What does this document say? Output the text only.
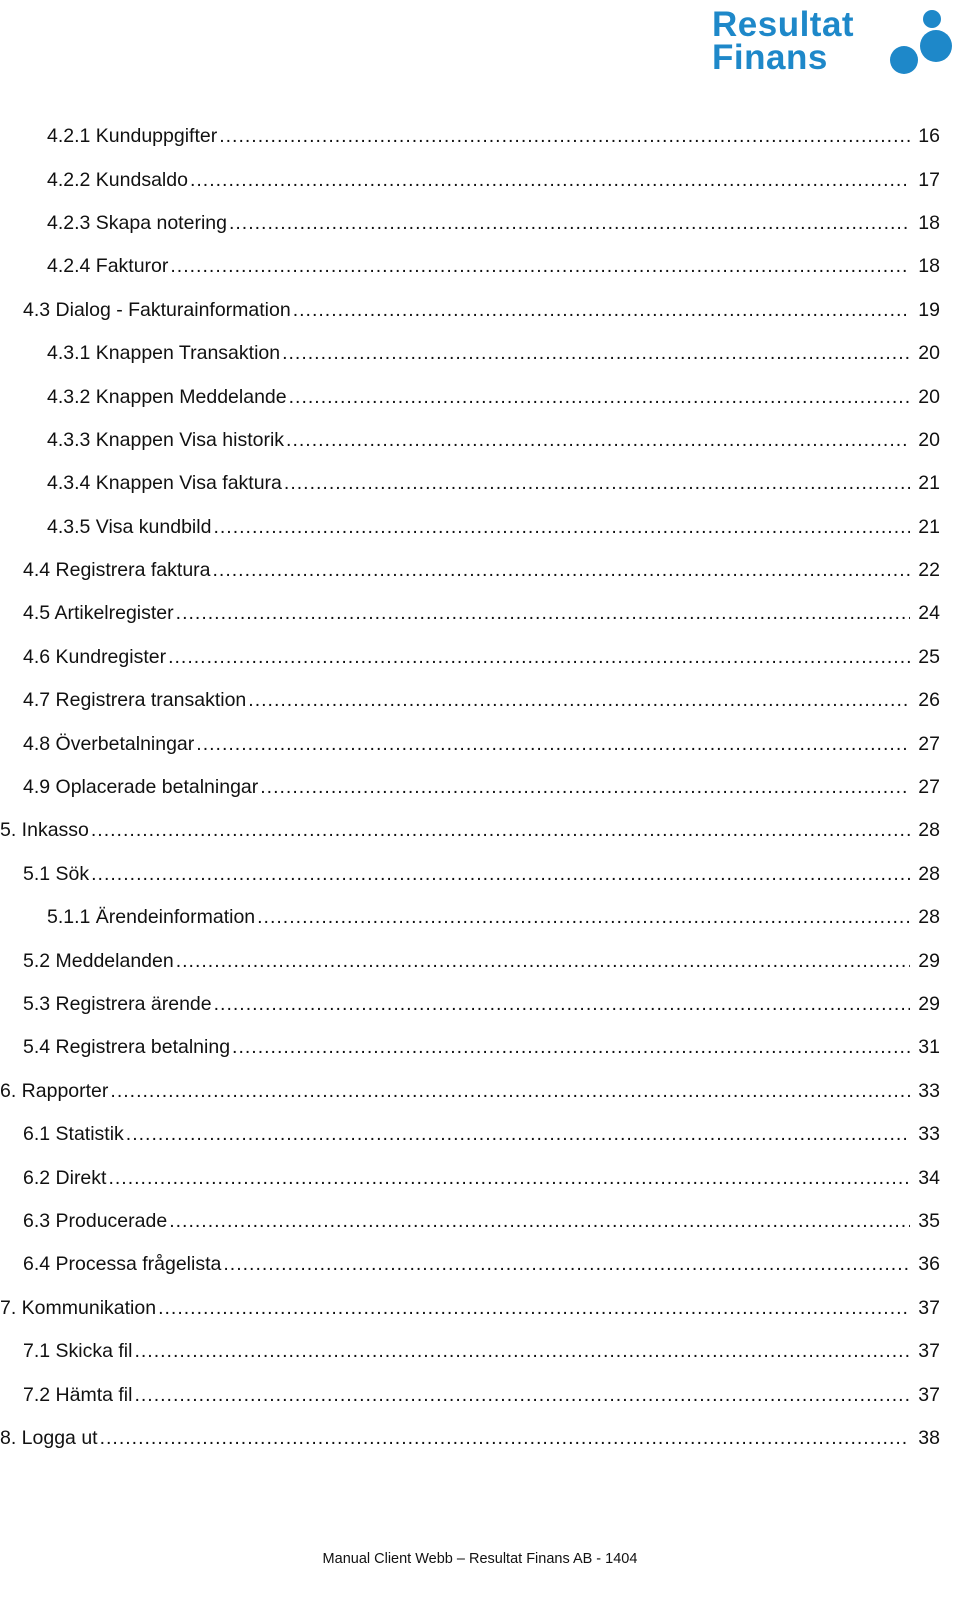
Resultat
Finans
4.2.1 Kunduppgifter .....	16
4.2.2 Kundsaldo .....	17
4.2.3 Skapa notering .....	18
4.2.4 Fakturor .....	18
4.3 Dialog - Fakturainformation .....	19
4.3.1 Knappen Transaktion .....	20
4.3.2 Knappen Meddelande .....	20
4.3.3 Knappen Visa historik .....	20
4.3.4 Knappen Visa faktura .....	21
4.3.5 Visa kundbild .....	21
4.4 Registrera faktura .....	22
4.5 Artikelregister .....	24
4.6 Kundregister .....	25
4.7 Registrera transaktion .....	26
4.8 Överbetalningar .....	27
4.9 Oplacerade betalningar .....	27
5. Inkasso .....	28
5.1 Sök .....	28
5.1.1 Ärendeinformation .....	28
5.2 Meddelanden .....	29
5.3 Registrera ärende .....	29
5.4 Registrera betalning .....	31
6. Rapporter .....	33
6.1 Statistik .....	33
6.2 Direkt .....	34
6.3 Producerade .....	35
6.4 Processa frågelista .....	36
7. Kommunikation .....	37
7.1 Skicka fil .....	37
7.2 Hämta fil .....	37
8. Logga ut .....	38
Manual Client Webb – Resultat Finans AB - 1404
